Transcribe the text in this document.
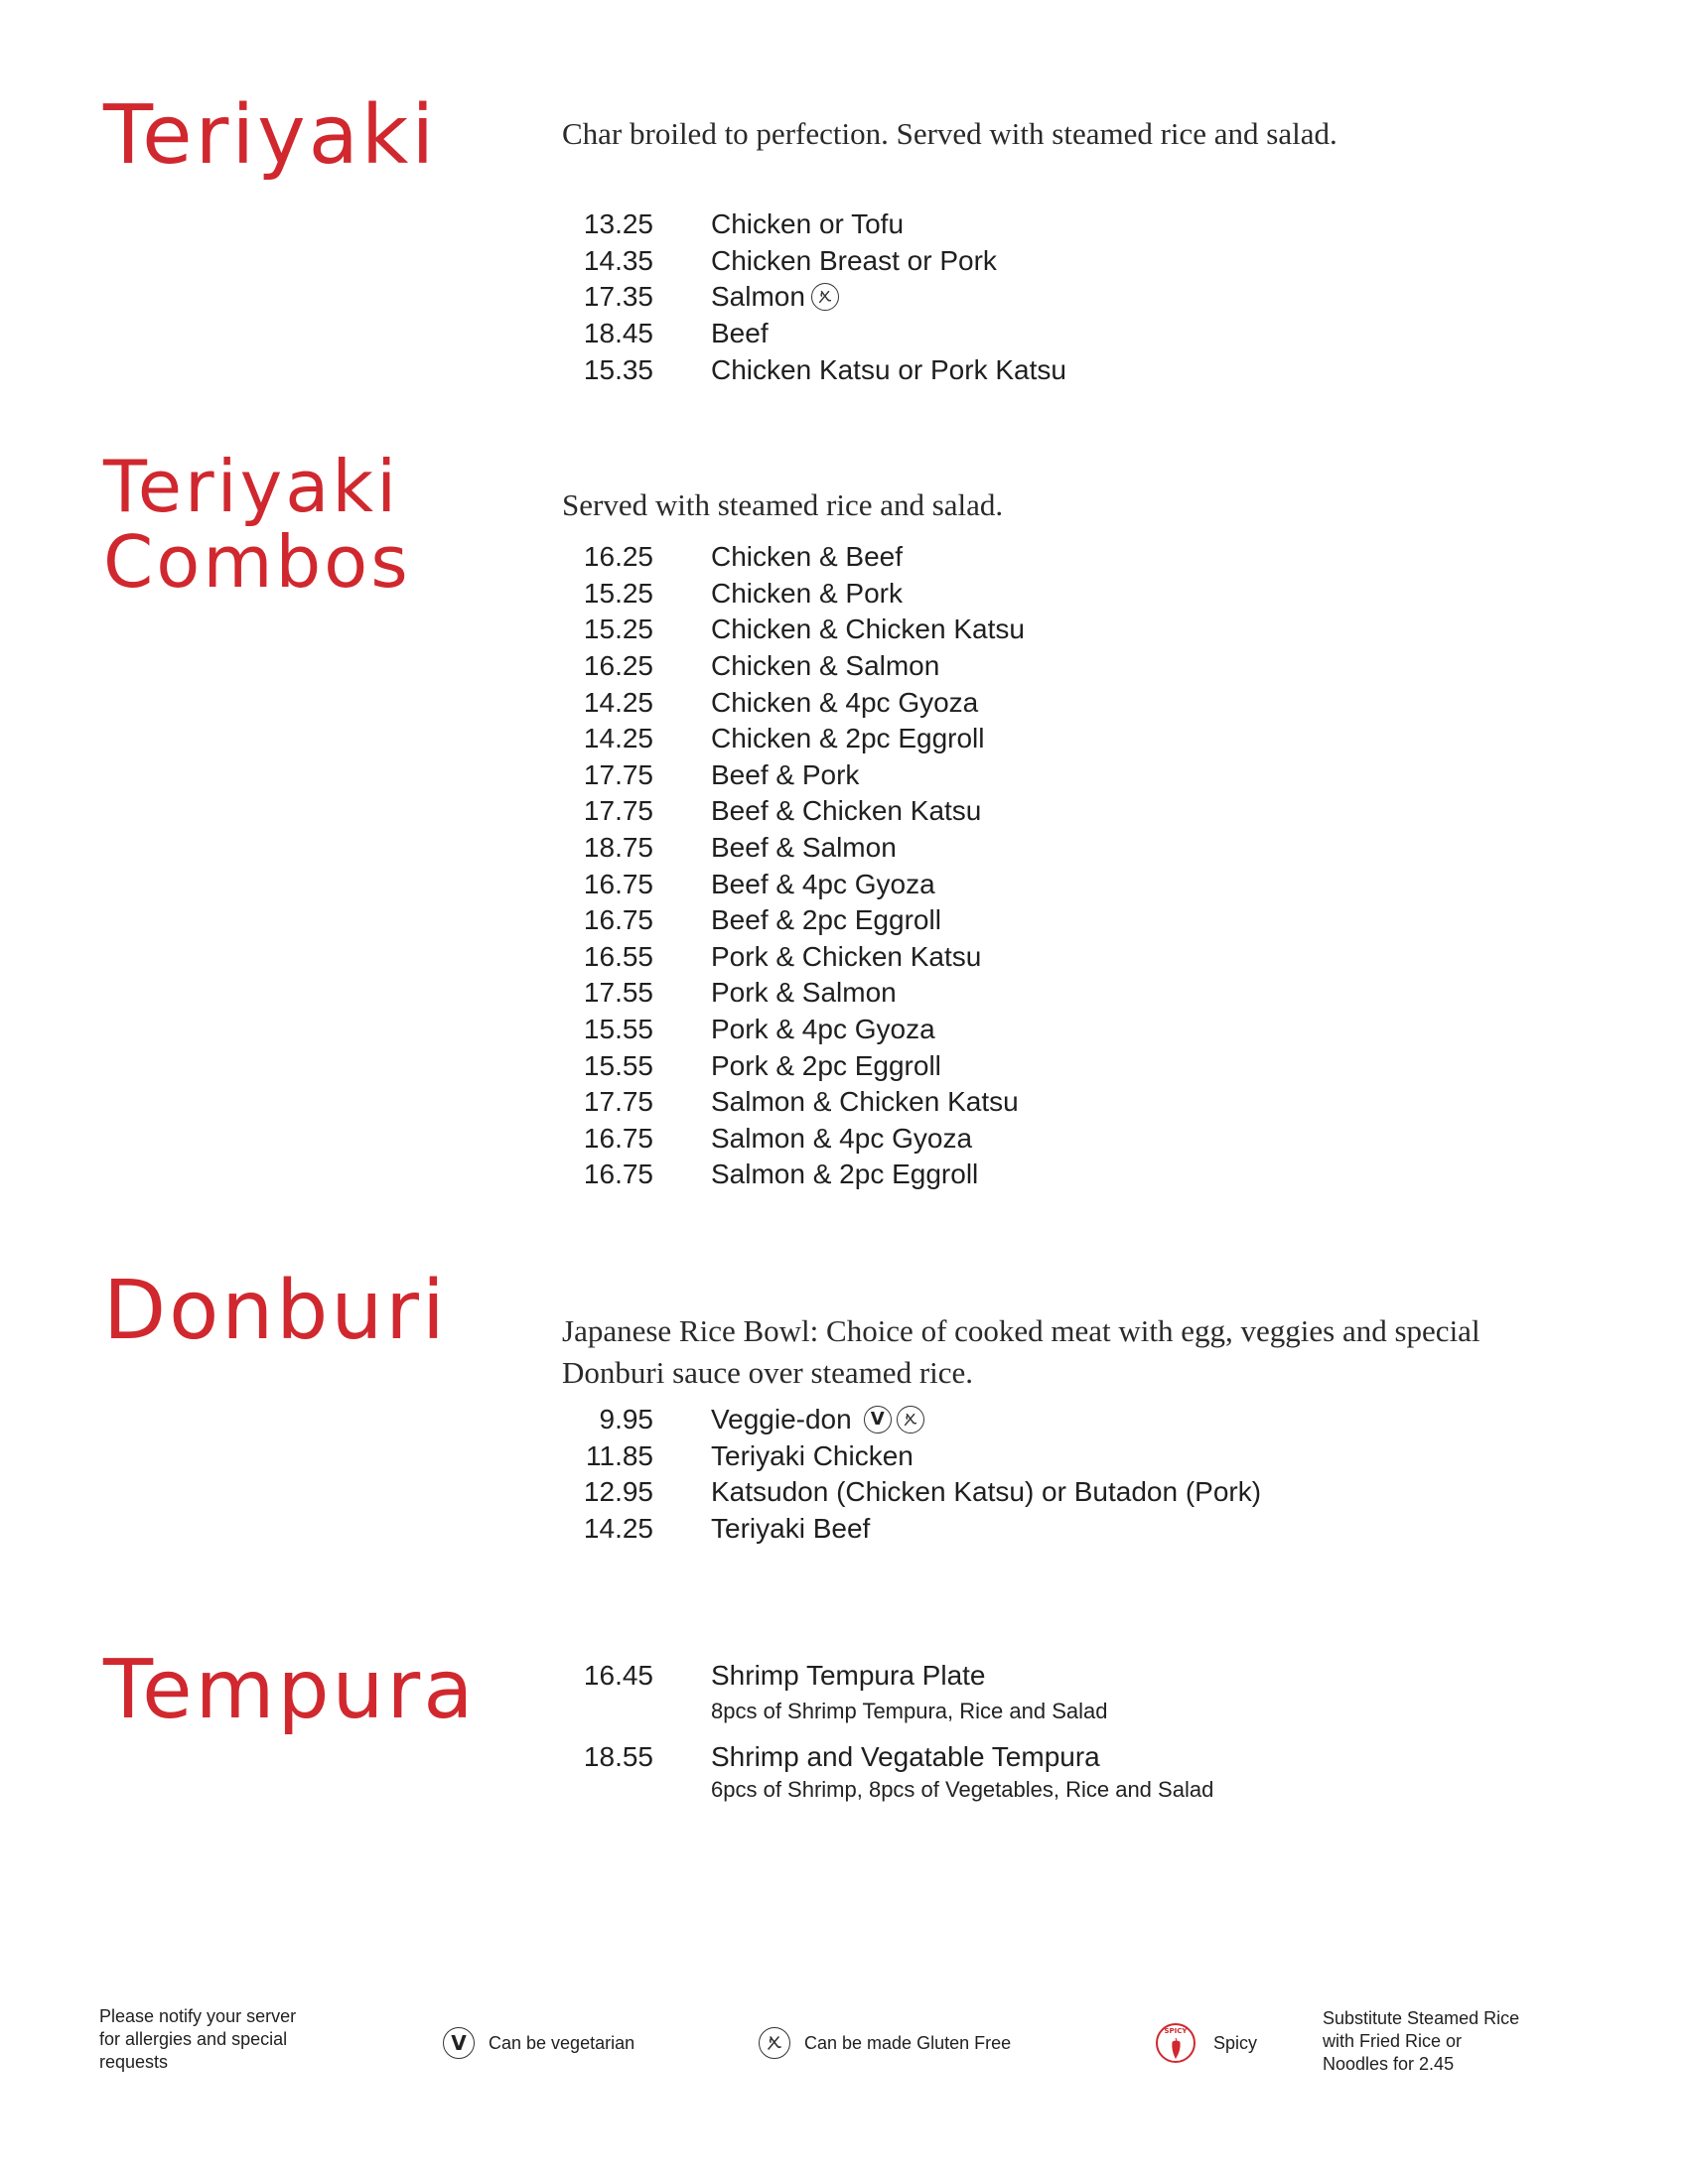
Teriyaki	Char broiled to perfection. Served with steamed rice and salad.

13.25 Chicken or Tofu
14.35 Chicken Breast or Pork
17.35 Salmon
18.45 Beef
15.35 Chicken Katsu or Pork Katsu
Teriyaki
Combos

Served with steamed rice and salad.

16.25 Chicken & Beef
15.25 Chicken & Pork
15.25 Chicken & Chicken Katsu
16.25 Chicken & Salmon
14.25 Chicken & 4pc Gyoza
14.25 Chicken & 2pc Eggroll
17.75 Beef & Pork
17.75 Beef & Chicken Katsu
18.75 Beef & Salmon
16.75 Beef & 4pc Gyoza
16.75 Beef & 2pc Eggroll
16.55 Pork & Chicken Katsu
17.55 Pork & Salmon
15.55 Pork & 4pc Gyoza
15.55 Pork & 2pc Eggroll
17.75 Salmon & Chicken Katsu
16.75 Salmon & 4pc Gyoza
16.75 Salmon & 2pc Eggroll
Donburi	Japanese Rice Bowl: Choice of cooked meat with egg, veggies and special Donburi sauce over steamed rice.

9.95 Veggie-don	V
11.85 Teriyaki Chicken
12.95 Katsudon (Chicken Katsu) or Butadon (Pork)
14.25 Teriyaki Beef
Tempura	16.45 Shrimp Tempura Plate
8pcs of Shrimp Tempura, Rice and Salad
18.55 Shrimp and Vegatable Tempura
6pcs of Shrimp, 8pcs of Vegetables, Rice and Salad
Please notify your server for allergies and special requests
V	Can be vegetarian	Can be made Gluten Free
SPICY
Spicy
Substitute Steamed Rice with Fried Rice or Noodles for 2.45
